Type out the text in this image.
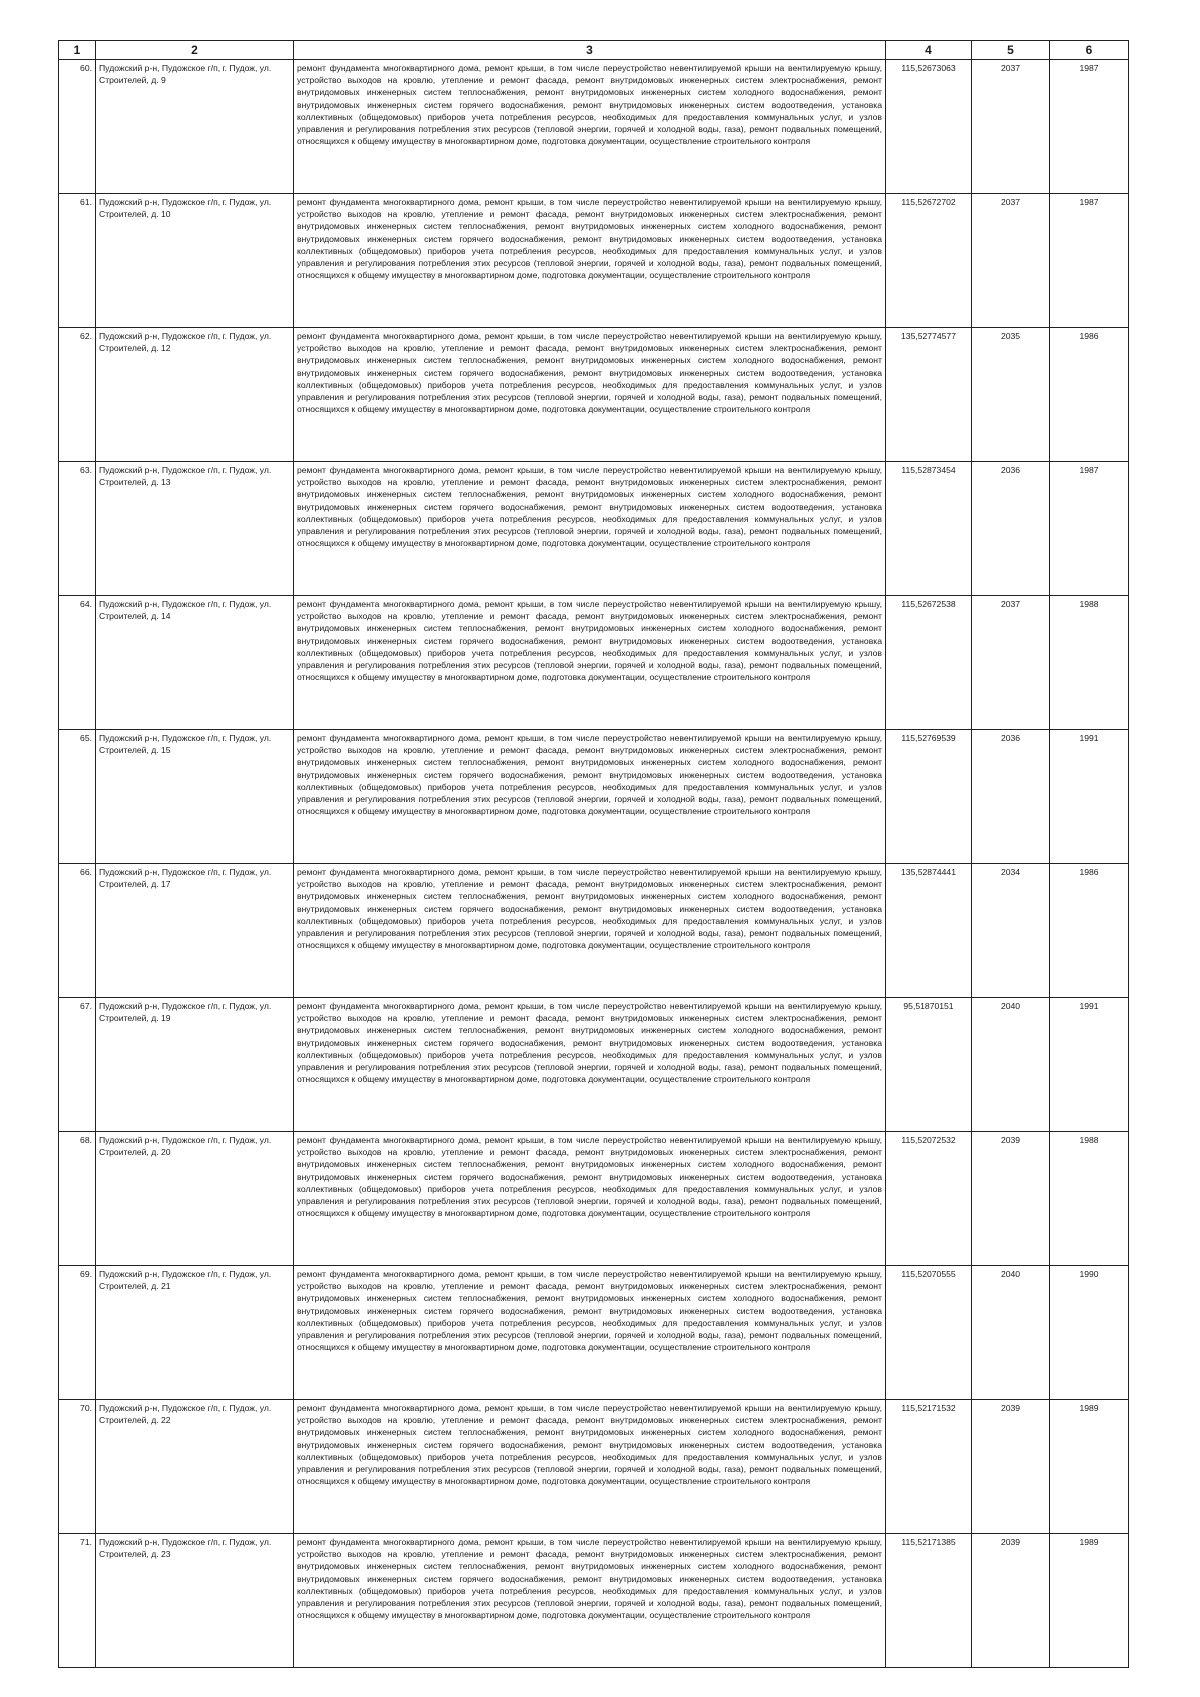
1	2	3	4	5	6
60.	Пудожский р-н, Пудожское г/п, г. Пудож, ул. Строителей, д. 9	ремонт фундамента многоквартирного дома, ремонт крыши, в том числе переустройство невентилируемой крыши на вентилируемую крышу, устройство выходов на кровлю, утепление и ремонт фасада, ремонт внутридомовых инженерных систем электроснабжения, ремонт внутридомовых инженерных систем теплоснабжения, ремонт внутридомовых инженерных систем холодного водоснабжения, ремонт внутридомовых инженерных систем горячего водоснабжения, ремонт внутридомовых инженерных систем водоотведения, установка коллективных (общедомовых) приборов учета потребления ресурсов, необходимых для предоставления коммунальных услуг, и узлов управления и регулирования потребления этих ресурсов (тепловой энергии, горячей и холодной воды, газа), ремонт подвальных помещений, относящихся к общему имуществу в многоквартирном доме, подготовка документации, осуществление строительного контроля	115,52673063	2037	1987
61.	Пудожский р-н, Пудожское г/п, г. Пудож, ул. Строителей, д. 10	ремонт фундамента многоквартирного дома, ремонт крыши, в том числе переустройство невентилируемой крыши на вентилируемую крышу, устройство выходов на кровлю, утепление и ремонт фасада, ремонт внутридомовых инженерных систем электроснабжения, ремонт внутридомовых инженерных систем теплоснабжения, ремонт внутридомовых инженерных систем холодного водоснабжения, ремонт внутридомовых инженерных систем горячего водоснабжения, ремонт внутридомовых инженерных систем водоотведения, установка коллективных (общедомовых) приборов учета потребления ресурсов, необходимых для предоставления коммунальных услуг, и узлов управления и регулирования потребления этих ресурсов (тепловой энергии, горячей и холодной воды, газа), ремонт подвальных помещений, относящихся к общему имуществу в многоквартирном доме, подготовка документации, осуществление строительного контроля	115,52672702	2037	1987
62.	Пудожский р-н, Пудожское г/п, г. Пудож, ул. Строителей, д. 12	ремонт фундамента многоквартирного дома, ремонт крыши, в том числе переустройство невентилируемой крыши на вентилируемую крышу, устройство выходов на кровлю, утепление и ремонт фасада, ремонт внутридомовых инженерных систем электроснабжения, ремонт внутридомовых инженерных систем теплоснабжения, ремонт внутридомовых инженерных систем холодного водоснабжения, ремонт внутридомовых инженерных систем горячего водоснабжения, ремонт внутридомовых инженерных систем водоотведения, установка коллективных (общедомовых) приборов учета потребления ресурсов, необходимых для предоставления коммунальных услуг, и узлов управления и регулирования потребления этих ресурсов (тепловой энергии, горячей и холодной воды, газа), ремонт подвальных помещений, относящихся к общему имуществу в многоквартирном доме, подготовка документации, осуществление строительного контроля	135,52774577	2035	1986
63.	Пудожский р-н, Пудожское г/п, г. Пудож, ул. Строителей, д. 13	ремонт фундамента многоквартирного дома, ремонт крыши, в том числе переустройство невентилируемой крыши на вентилируемую крышу, устройство выходов на кровлю, утепление и ремонт фасада, ремонт внутридомовых инженерных систем электроснабжения, ремонт внутридомовых инженерных систем теплоснабжения, ремонт внутридомовых инженерных систем холодного водоснабжения, ремонт внутридомовых инженерных систем горячего водоснабжения, ремонт внутридомовых инженерных систем водоотведения, установка коллективных (общедомовых) приборов учета потребления ресурсов, необходимых для предоставления коммунальных услуг, и узлов управления и регулирования потребления этих ресурсов (тепловой энергии, горячей и холодной воды, газа), ремонт подвальных помещений, относящихся к общему имуществу в многоквартирном доме, подготовка документации, осуществление строительного контроля	115,52873454	2036	1987
64.	Пудожский р-н, Пудожское г/п, г. Пудож, ул. Строителей, д. 14	ремонт фундамента многоквартирного дома, ремонт крыши, в том числе переустройство невентилируемой крыши на вентилируемую крышу, устройство выходов на кровлю, утепление и ремонт фасада, ремонт внутридомовых инженерных систем электроснабжения, ремонт внутридомовых инженерных систем теплоснабжения, ремонт внутридомовых инженерных систем холодного водоснабжения, ремонт внутридомовых инженерных систем горячего водоснабжения, ремонт внутридомовых инженерных систем водоотведения, установка коллективных (общедомовых) приборов учета потребления ресурсов, необходимых для предоставления коммунальных услуг, и узлов управления и регулирования потребления этих ресурсов (тепловой энергии, горячей и холодной воды, газа), ремонт подвальных помещений, относящихся к общему имуществу в многоквартирном доме, подготовка документации, осуществление строительного контроля	115,52672538	2037	1988
65.	Пудожский р-н, Пудожское г/п, г. Пудож, ул. Строителей, д. 15	ремонт фундамента многоквартирного дома, ремонт крыши, в том числе переустройство невентилируемой крыши на вентилируемую крышу, устройство выходов на кровлю, утепление и ремонт фасада, ремонт внутридомовых инженерных систем электроснабжения, ремонт внутридомовых инженерных систем теплоснабжения, ремонт внутридомовых инженерных систем холодного водоснабжения, ремонт внутридомовых инженерных систем горячего водоснабжения, ремонт внутридомовых инженерных систем водоотведения, установка коллективных (общедомовых) приборов учета потребления ресурсов, необходимых для предоставления коммунальных услуг, и узлов управления и регулирования потребления этих ресурсов (тепловой энергии, горячей и холодной воды, газа), ремонт подвальных помещений, относящихся к общему имуществу в многоквартирном доме, подготовка документации, осуществление строительного контроля	115,52769539	2036	1991
66.	Пудожский р-н, Пудожское г/п, г. Пудож, ул. Строителей, д. 17	ремонт фундамента многоквартирного дома, ремонт крыши, в том числе переустройство невентилируемой крыши на вентилируемую крышу, устройство выходов на кровлю, утепление и ремонт фасада, ремонт внутридомовых инженерных систем электроснабжения, ремонт внутридомовых инженерных систем теплоснабжения, ремонт внутридомовых инженерных систем холодного водоснабжения, ремонт внутридомовых инженерных систем горячего водоснабжения, ремонт внутридомовых инженерных систем водоотведения, установка коллективных (общедомовых) приборов учета потребления ресурсов, необходимых для предоставления коммунальных услуг, и узлов управления и регулирования потребления этих ресурсов (тепловой энергии, горячей и холодной воды, газа), ремонт подвальных помещений, относящихся к общему имуществу в многоквартирном доме, подготовка документации, осуществление строительного контроля	135,52874441	2034	1986
67.	Пудожский р-н, Пудожское г/п, г. Пудож, ул. Строителей, д. 19	ремонт фундамента многоквартирного дома, ремонт крыши, в том числе переустройство невентилируемой крыши на вентилируемую крышу, устройство выходов на кровлю, утепление и ремонт фасада, ремонт внутридомовых инженерных систем электроснабжения, ремонт внутридомовых инженерных систем теплоснабжения, ремонт внутридомовых инженерных систем холодного водоснабжения, ремонт внутридомовых инженерных систем горячего водоснабжения, ремонт внутридомовых инженерных систем водоотведения, установка коллективных (общедомовых) приборов учета потребления ресурсов, необходимых для предоставления коммунальных услуг, и узлов управления и регулирования потребления этих ресурсов (тепловой энергии, горячей и холодной воды, газа), ремонт подвальных помещений, относящихся к общему имуществу в многоквартирном доме, подготовка документации, осуществление строительного контроля	95,51870151	2040	1991
68.	Пудожский р-н, Пудожское г/п, г. Пудож, ул. Строителей, д. 20	ремонт фундамента многоквартирного дома, ремонт крыши, в том числе переустройство невентилируемой крыши на вентилируемую крышу, устройство выходов на кровлю, утепление и ремонт фасада, ремонт внутридомовых инженерных систем электроснабжения, ремонт внутридомовых инженерных систем теплоснабжения, ремонт внутридомовых инженерных систем холодного водоснабжения, ремонт внутридомовых инженерных систем горячего водоснабжения, ремонт внутридомовых инженерных систем водоотведения, установка коллективных (общедомовых) приборов учета потребления ресурсов, необходимых для предоставления коммунальных услуг, и узлов управления и регулирования потребления этих ресурсов (тепловой энергии, горячей и холодной воды, газа), ремонт подвальных помещений, относящихся к общему имуществу в многоквартирном доме, подготовка документации, осуществление строительного контроля	115,52072532	2039	1988
69.	Пудожский р-н, Пудожское г/п, г. Пудож, ул. Строителей, д. 21	ремонт фундамента многоквартирного дома, ремонт крыши, в том числе переустройство невентилируемой крыши на вентилируемую крышу, устройство выходов на кровлю, утепление и ремонт фасада, ремонт внутридомовых инженерных систем электроснабжения, ремонт внутридомовых инженерных систем теплоснабжения, ремонт внутридомовых инженерных систем холодного водоснабжения, ремонт внутридомовых инженерных систем горячего водоснабжения, ремонт внутридомовых инженерных систем водоотведения, установка коллективных (общедомовых) приборов учета потребления ресурсов, необходимых для предоставления коммунальных услуг, и узлов управления и регулирования потребления этих ресурсов (тепловой энергии, горячей и холодной воды, газа), ремонт подвальных помещений, относящихся к общему имуществу в многоквартирном доме, подготовка документации, осуществление строительного контроля	115,52070555	2040	1990
70.	Пудожский р-н, Пудожское г/п, г. Пудож, ул. Строителей, д. 22	ремонт фундамента многоквартирного дома, ремонт крыши, в том числе переустройство невентилируемой крыши на вентилируемую крышу, устройство выходов на кровлю, утепление и ремонт фасада, ремонт внутридомовых инженерных систем электроснабжения, ремонт внутридомовых инженерных систем теплоснабжения, ремонт внутридомовых инженерных систем холодного водоснабжения, ремонт внутридомовых инженерных систем горячего водоснабжения, ремонт внутридомовых инженерных систем водоотведения, установка коллективных (общедомовых) приборов учета потребления ресурсов, необходимых для предоставления коммунальных услуг, и узлов управления и регулирования потребления этих ресурсов (тепловой энергии, горячей и холодной воды, газа), ремонт подвальных помещений, относящихся к общему имуществу в многоквартирном доме, подготовка документации, осуществление строительного контроля	115,52171532	2039	1989
71.	Пудожский р-н, Пудожское г/п, г. Пудож, ул. Строителей, д. 23	ремонт фундамента многоквартирного дома, ремонт крыши, в том числе переустройство невентилируемой крыши на вентилируемую крышу, устройство выходов на кровлю, утепление и ремонт фасада, ремонт внутридомовых инженерных систем электроснабжения, ремонт внутридомовых инженерных систем теплоснабжения, ремонт внутридомовых инженерных систем холодного водоснабжения, ремонт внутридомовых инженерных систем горячего водоснабжения, ремонт внутридомовых инженерных систем водоотведения, установка коллективных (общедомовых) приборов учета потребления ресурсов, необходимых для предоставления коммунальных услуг, и узлов управления и регулирования потребления этих ресурсов (тепловой энергии, горячей и холодной воды, газа), ремонт подвальных помещений, относящихся к общему имуществу в многоквартирном доме, подготовка документации, осуществление строительного контроля	115,52171385	2039	1989
